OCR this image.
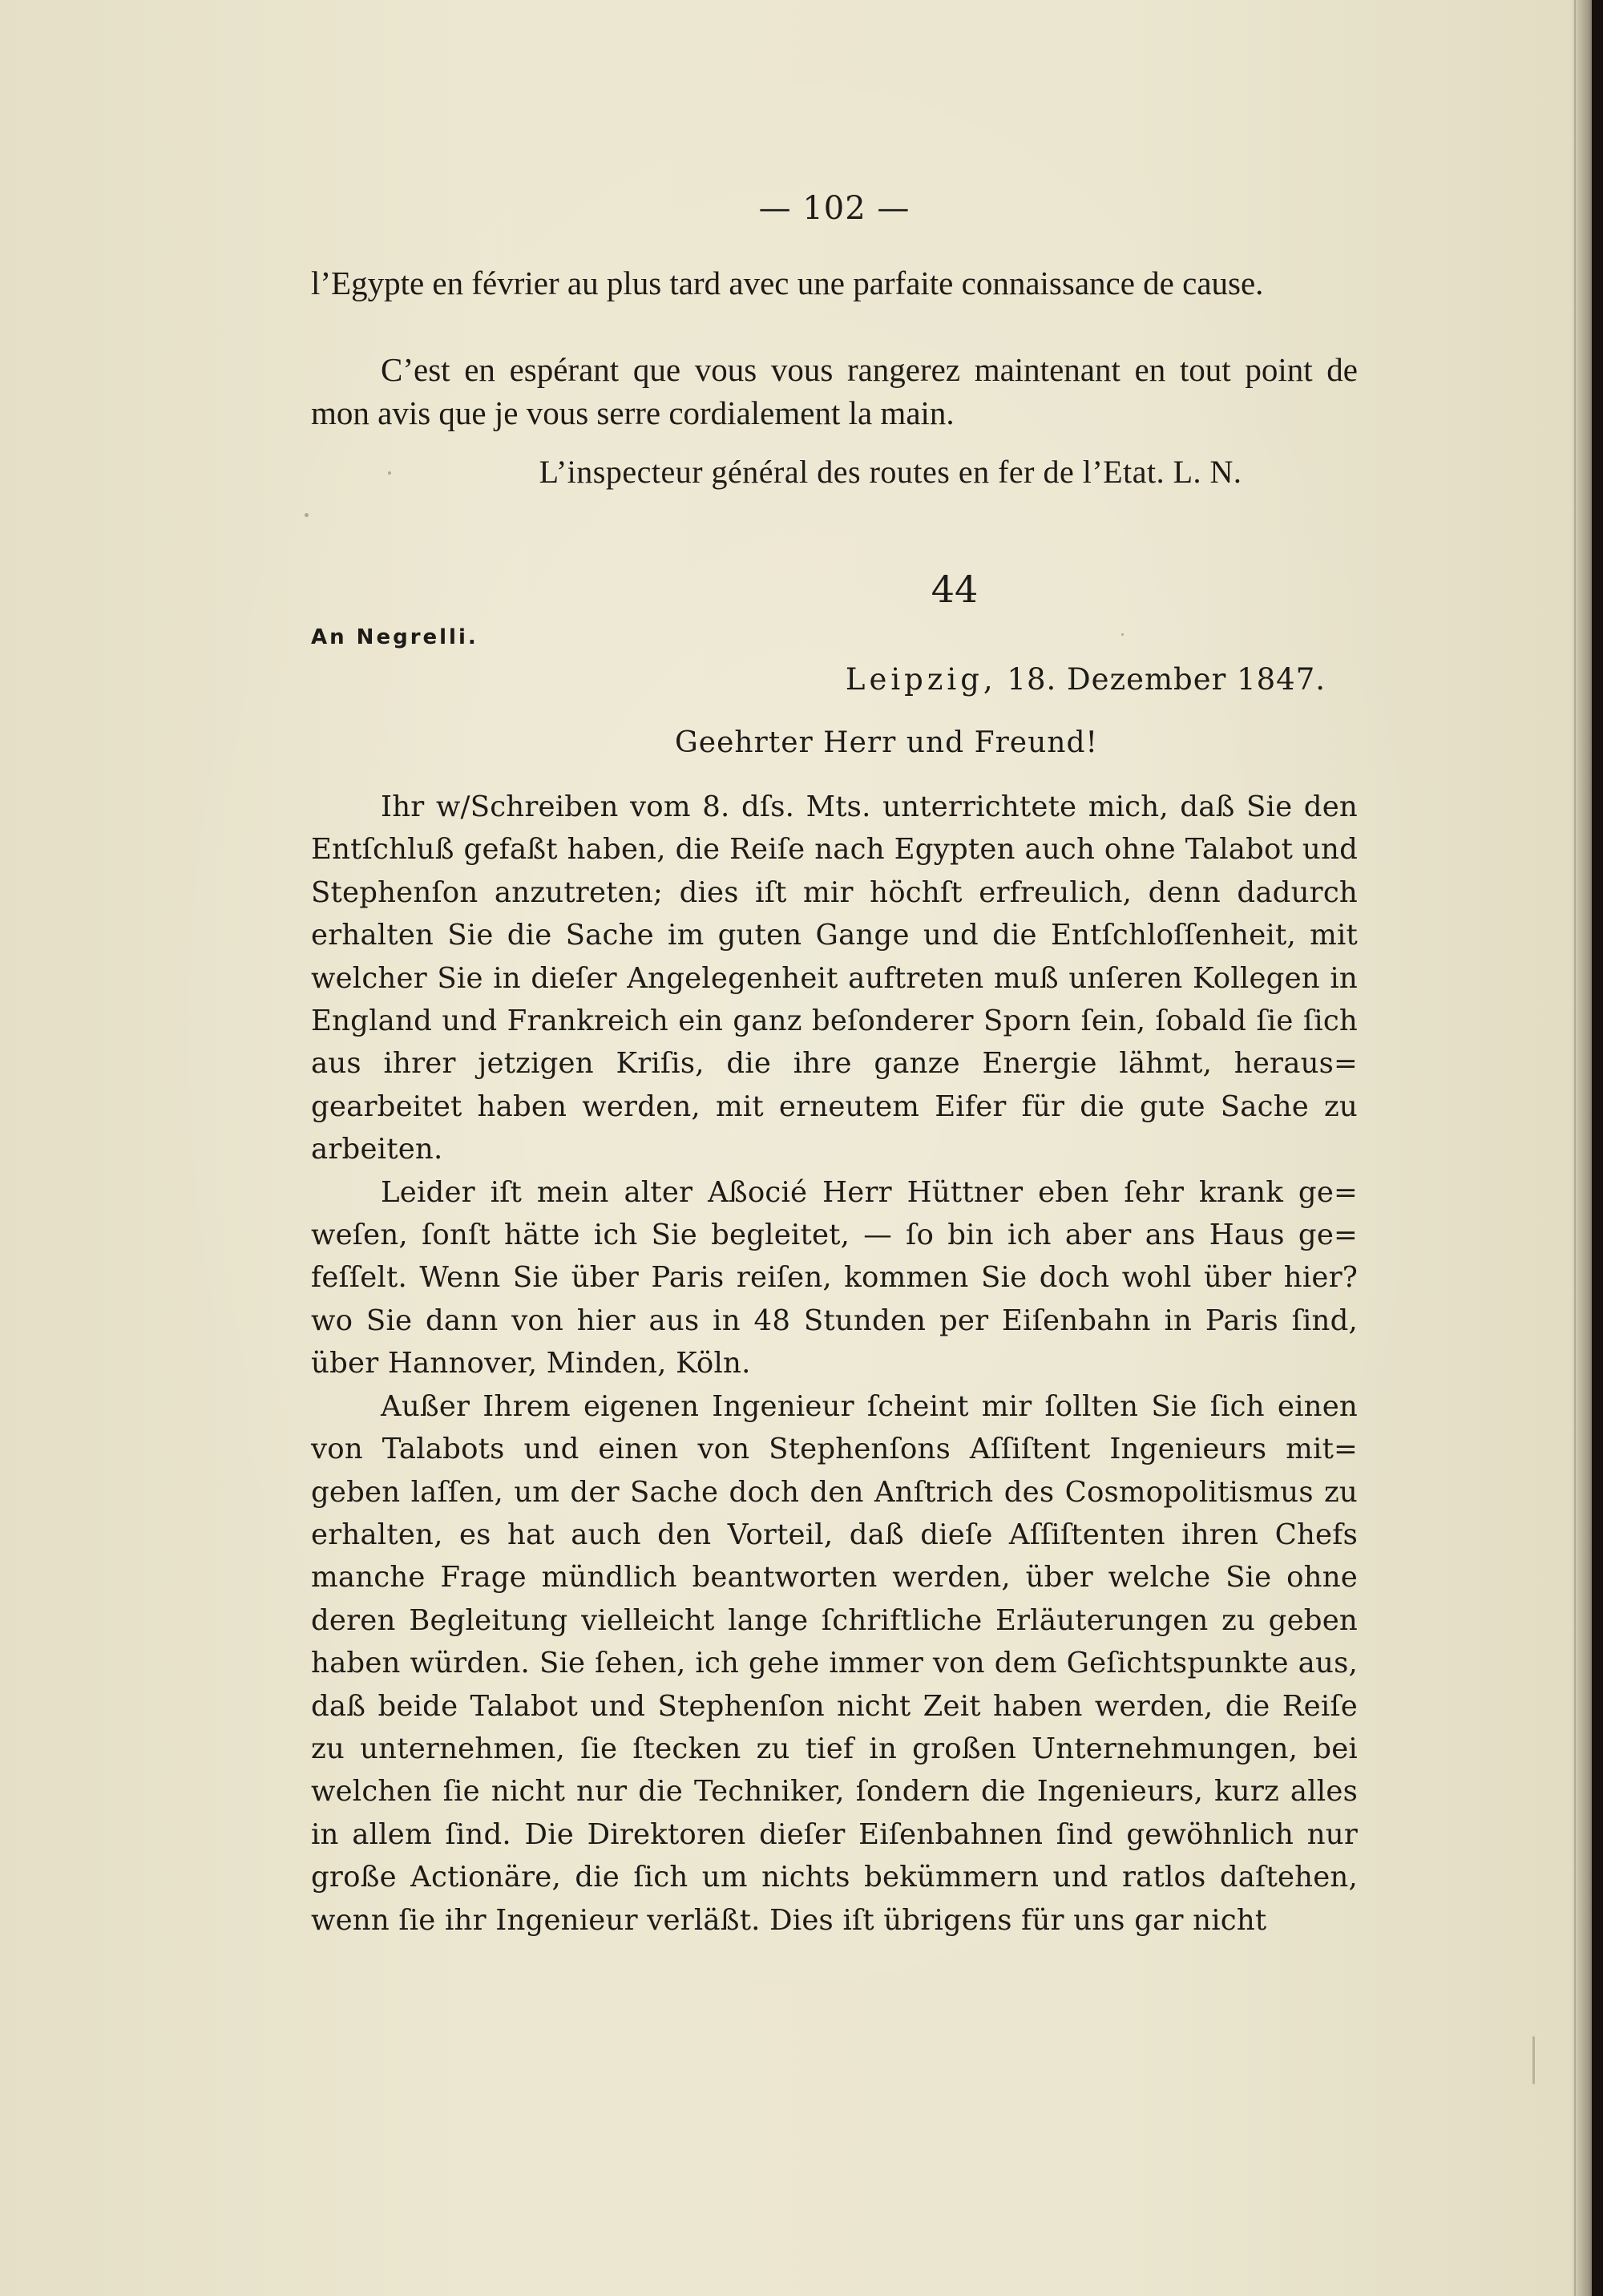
— 102 —

l’Egypte en février au plus tard avec une parfaite connaissance de cause.

C’est en espérant que vous vous rangerez maintenant en tout point de mon avis que je vous serre cordialement la main.

L’inspecteur général des routes en fer de l’Etat. L. N.
44
An Negrelli.
Leipzig, 18. Dezember 1847.
Geehrter Herr und Freund!

Ihr w/Schreiben vom 8. dſs. Mts. unterrichtete mich, daß Sie den Entſchluß gefaßt haben, die Reiſe nach Egypten auch ohne Talabot und Stephenſon anzutreten; dies iſt mir höchſt erfreulich, denn dadurch erhalten Sie die Sache im guten Gange und die Entſchloſſenheit, mit welcher Sie in dieſer Angelegenheit auftreten muß unſeren Kollegen in England und Frankreich ein ganz beſonderer Sporn ſein, ſobald ſie ſich aus ihrer jetzigen Kriſis, die ihre ganze Energie lähmt, heraus= gearbeitet haben werden, mit erneutem Eifer für die gute Sache zu arbeiten.

Leider iſt mein alter Aßocié Herr Hüttner eben ſehr krank ge= weſen, ſonſt hätte ich Sie begleitet, — ſo bin ich aber ans Haus ge= feſſelt. Wenn Sie über Paris reiſen, kommen Sie doch wohl über hier? wo Sie dann von hier aus in 48 Stunden per Eiſenbahn in Paris ſind, über Hannover, Minden, Köln.

Außer Ihrem eigenen Ingenieur ſcheint mir ſollten Sie ſich einen von Talabots und einen von Stephenſons Aſſiſtent Ingenieurs mit= geben laſſen, um der Sache doch den Anſtrich des Cosmopolitismus zu erhalten, es hat auch den Vorteil, daß dieſe Aſſiſtenten ihren Chefs manche Frage mündlich beantworten werden, über welche Sie ohne deren Begleitung vielleicht lange ſchriftliche Erläuterungen zu geben haben würden. Sie ſehen, ich gehe immer von dem Geſichtspunkte aus, daß beide Talabot und Stephenſon nicht Zeit haben werden, die Reiſe zu unternehmen, ſie ſtecken zu tief in großen Unternehmungen, bei welchen ſie nicht nur die Techniker, ſondern die Ingenieurs, kurz alles in allem ſind. Die Direktoren dieſer Eiſenbahnen ſind gewöhnlich nur große Actionäre, die ſich um nichts bekümmern und ratlos daſtehen, wenn ſie ihr Ingenieur verläßt. Dies iſt übrigens für uns gar nicht
